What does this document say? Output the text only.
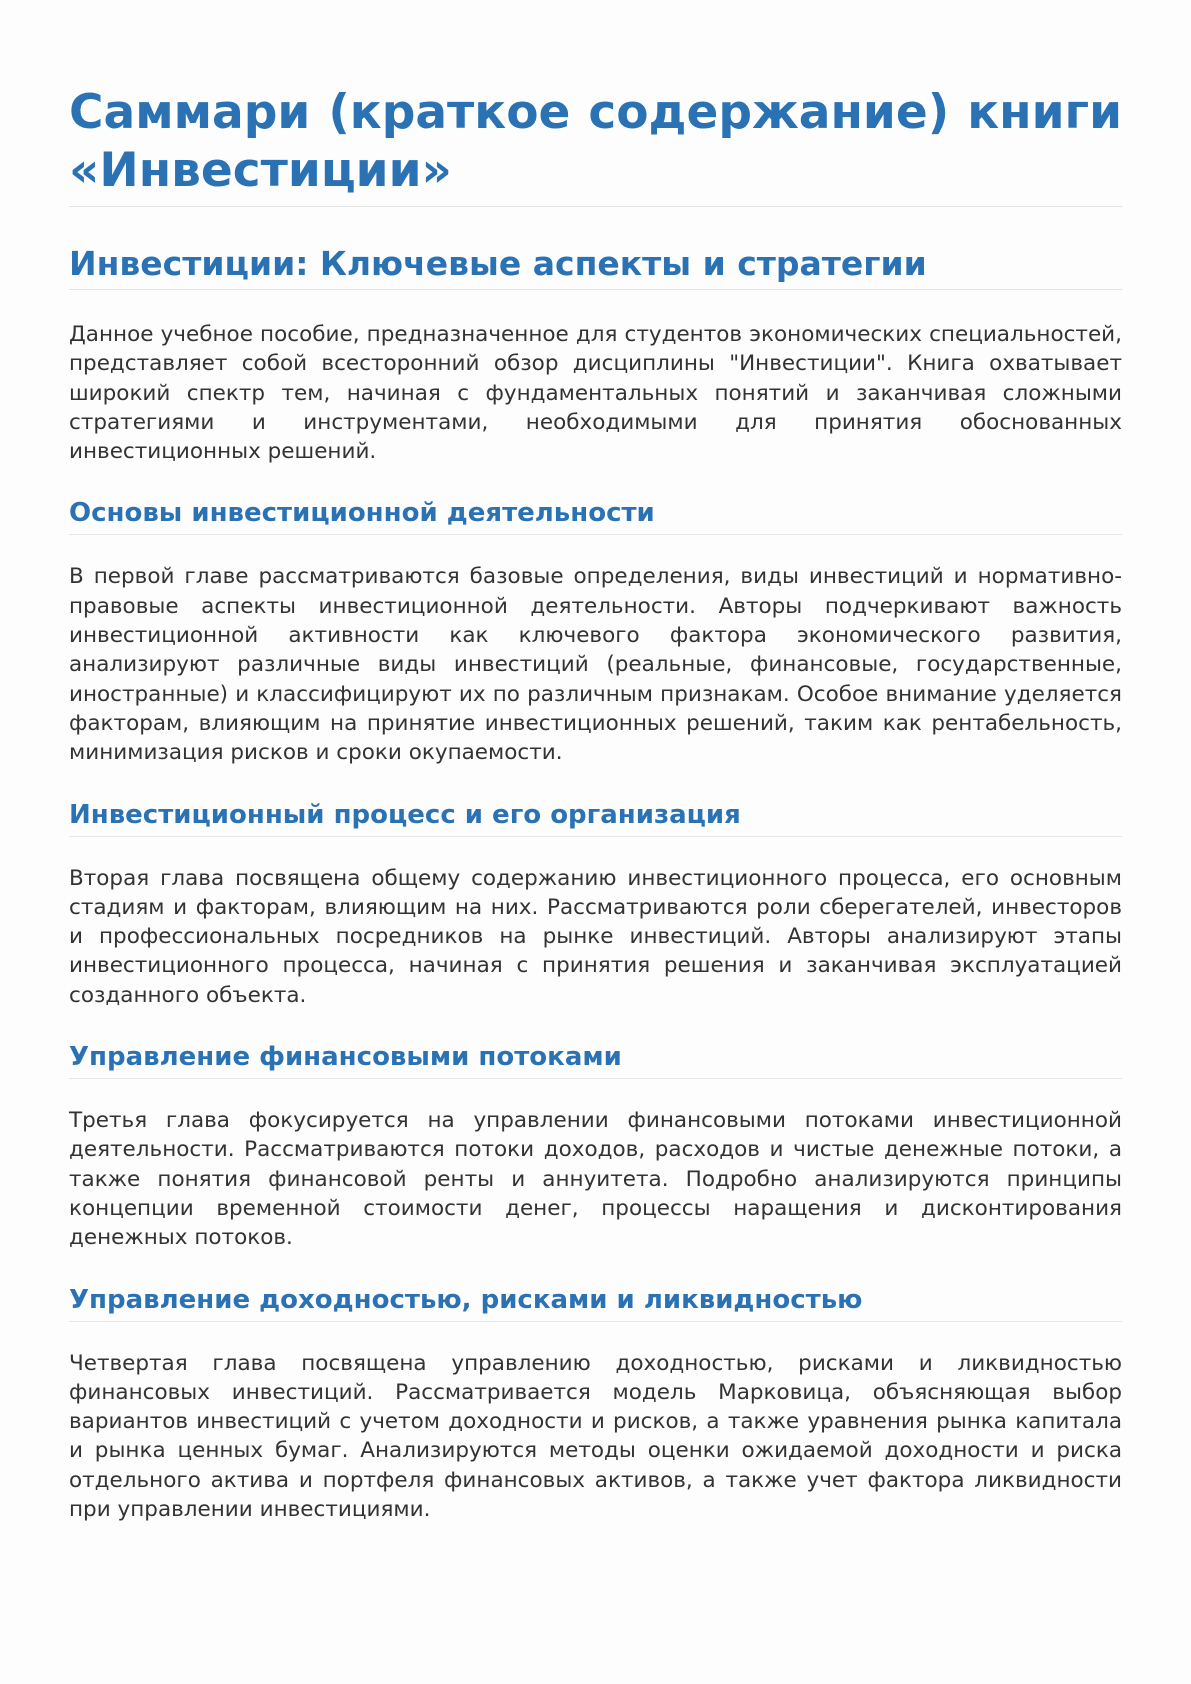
Саммари (краткое содержание) книги «Инвестиции»
Инвестиции: Ключевые аспекты и стратегии

Данное учебное пособие, предназначенное для студентов экономических специальностей, представляет собой всесторонний обзор дисциплины "Инвестиции". Книга охватывает широкий спектр тем, начиная с фундаментальных понятий и заканчивая сложными стратегиями и инструментами, необходимыми для принятия обоснованных инвестиционных решений.

Основы инвестиционной деятельности

В первой главе рассматриваются базовые определения, виды инвестиций и нормативно-правовые аспекты инвестиционной деятельности. Авторы подчеркивают важность инвестиционной активности как ключевого фактора экономического развития, анализируют различные виды инвестиций (реальные, финансовые, государственные, иностранные) и классифицируют их по различным признакам. Особое внимание уделяется факторам, влияющим на принятие инвестиционных решений, таким как рентабельность, минимизация рисков и сроки окупаемости.

Инвестиционный процесс и его организация

Вторая глава посвящена общему содержанию инвестиционного процесса, его основным стадиям и факторам, влияющим на них. Рассматриваются роли сберегателей, инвесторов и профессиональных посредников на рынке инвестиций. Авторы анализируют этапы инвестиционного процесса, начиная с принятия решения и заканчивая эксплуатацией созданного объекта.

Управление финансовыми потоками

Третья глава фокусируется на управлении финансовыми потоками инвестиционной деятельности. Рассматриваются потоки доходов, расходов и чистые денежные потоки, а также понятия финансовой ренты и аннуитета. Подробно анализируются принципы концепции временной стоимости денег, процессы наращения и дисконтирования денежных потоков.

Управление доходностью, рисками и ликвидностью

Четвертая глава посвящена управлению доходностью, рисками и ликвидностью финансовых инвестиций. Рассматривается модель Марковица, объясняющая выбор вариантов инвестиций с учетом доходности и рисков, а также уравнения рынка капитала и рынка ценных бумаг. Анализируются методы оценки ожидаемой доходности и риска отдельного актива и портфеля финансовых активов, а также учет фактора ликвидности при управлении инвестициями.
